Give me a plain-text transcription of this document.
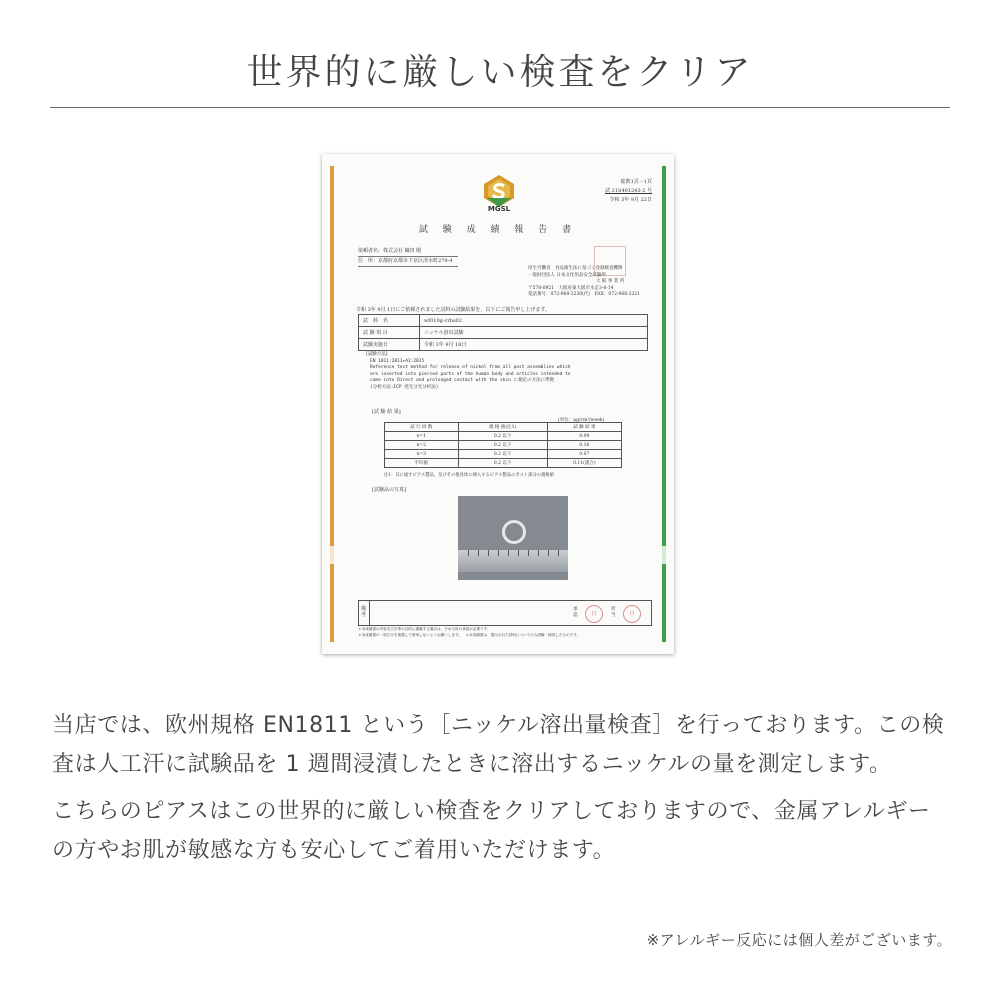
世界的に厳しい検査をクリア
MGSL
総数1頁－1頁
試 21S401243-2 号
令和 3年 9月 22日
試 験 成 績 報 告 書
依頼者名：株式会社 織田 殿
住　所：京都府京都市下京区清水町279-4
厚生労働省　食品衛生法に基づく登録検査機関
一般財団法人 日本文化用品安全試験所
大 阪 事 業 所
〒578-0921　大阪府東大阪市水走3-6-14
電話番号：072-968-2230(代)　FAX：072-968-2221
令和 3年 9月 1日にご依頼されました試料の試験結果を、以下にご報告申し上げます。
試　料　名	wf010g-crhs02
試 験 項 目	ニッケル溶出試験
試験実施日	令和 3年 9月 18日
[試験方法]
EN 1811:2011+A1:2015
Reference test method for release of nickel from all post assemblies which
are inserted into pierced parts of the human body and articles intended to
come into Direct and prolonged contact with the skin に規定の方法に準拠
(分析方法:ICP 発光分光分析法)
[試 験 結 果]
(単位：μg/cm²/week)
試 行 回 数	規 格 値(注1)	試 験 結 果
n=1	0.2 以下	0.09
n=2	0.2 以下	0.16
n=3	0.2 以下	0.07
平均値	0.2 以下	0.11(適合)
注1：耳に通すピアス製品、及びその他身体に挿入するピアス製品のポスト部分の規格値
[試験品の写真]
備考
承認	日
担当	日
＊本成績書の内容を広告等の目的に掲載する場合は、予め当所の承諾が必要です。
＊本成績書の一部だけを複製して使用しないようお願いします。　＊本成績書は、提出された試料についてのみ試験・検査したものです。

当店では、欧州規格 EN1811 という［ニッケル溶出量検査］を行っております。この検査は人工汗に試験品を 1 週間浸漬したときに溶出するニッケルの量を測定します。

こちらのピアスはこの世界的に厳しい検査をクリアしておりますので、金属アレルギーの方やお肌が敏感な方も安心してご着用いただけます。

※アレルギー反応には個人差がございます。
